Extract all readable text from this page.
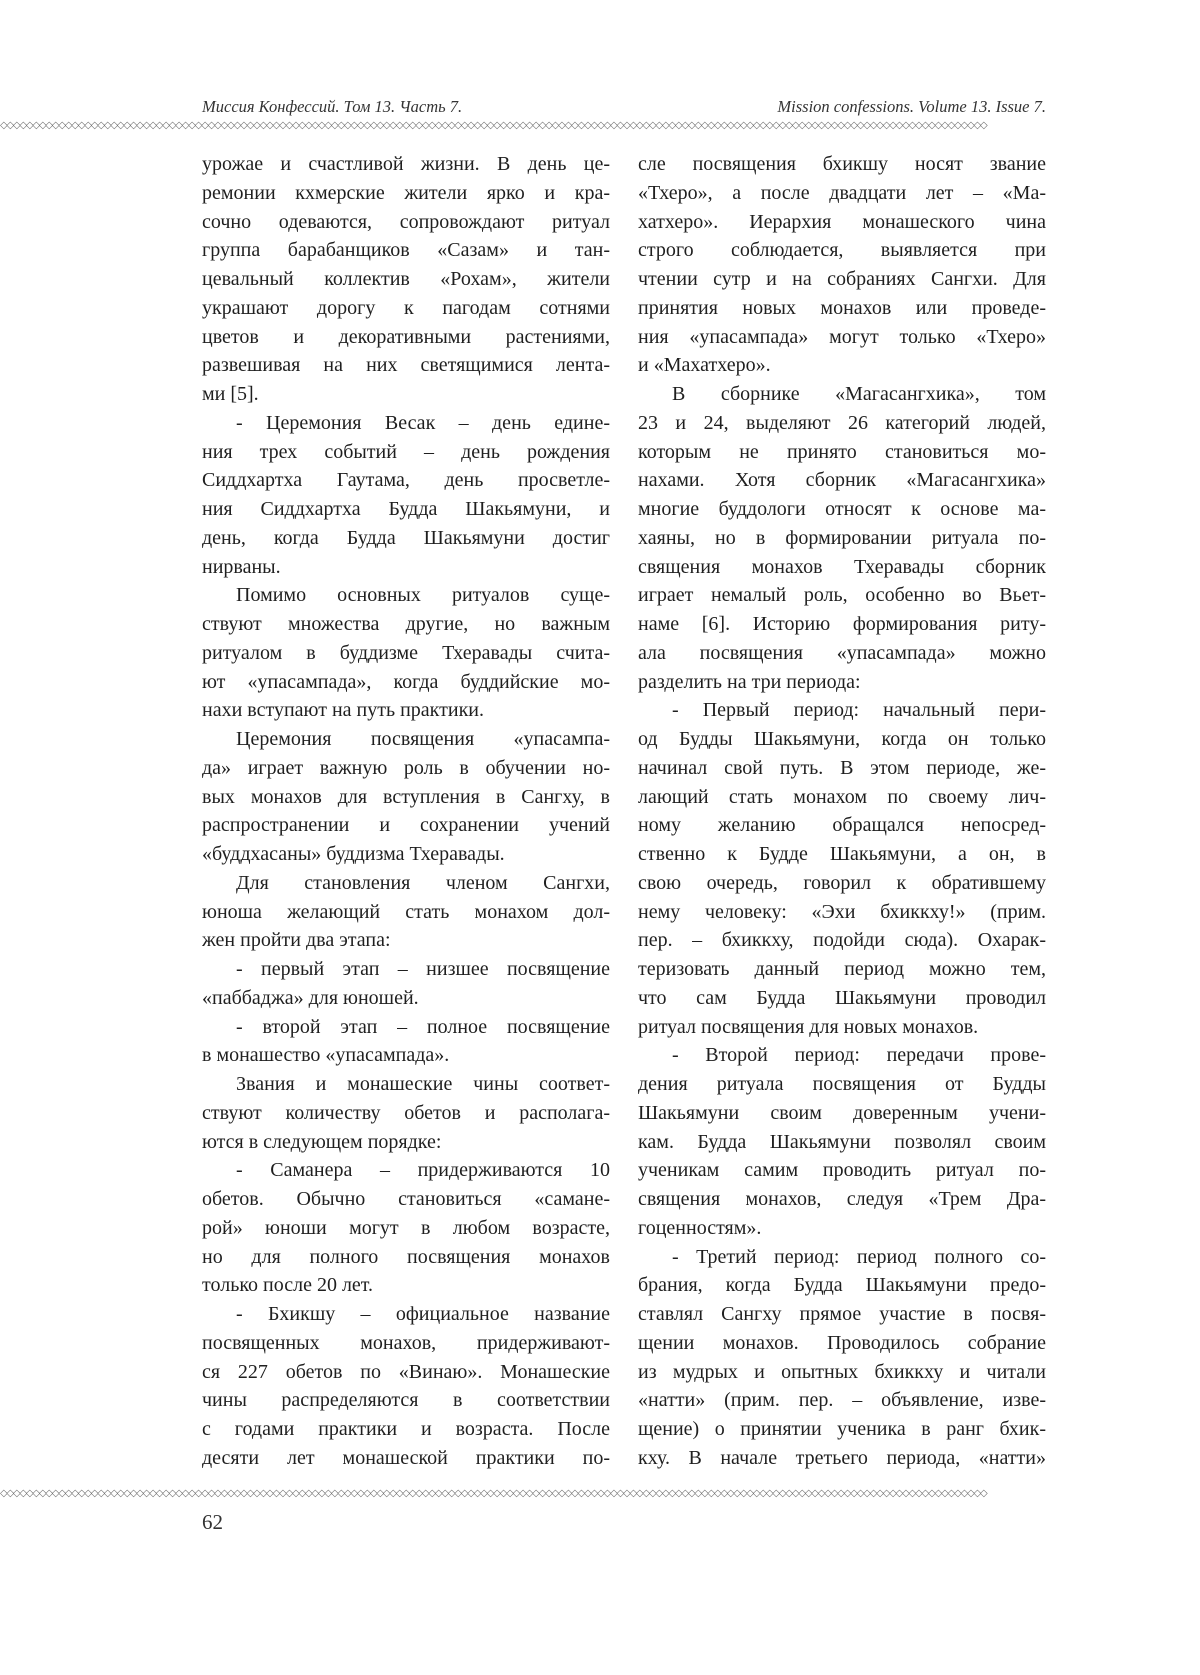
Миссия Конфессий. Том 13. Часть 7.	Mission confessions. Volume 13. Issue 7.
◇◇◇◇◇◇◇◇◇◇◇◇◇◇◇◇◇◇◇◇◇◇◇◇◇◇◇◇◇◇◇◇◇◇◇◇◇◇◇◇◇◇◇◇◇◇◇◇◇◇◇◇◇◇◇◇◇◇◇◇◇◇◇◇◇◇◇◇◇◇◇◇◇◇◇◇◇◇◇◇◇◇◇◇◇◇◇◇◇◇◇◇◇◇◇◇◇◇◇◇◇◇◇◇◇◇◇◇◇◇◇◇◇◇◇◇◇◇◇◇◇◇◇◇◇◇◇◇◇◇◇◇◇◇◇◇◇◇◇◇◇◇◇◇◇◇◇◇◇◇◇◇
урожае и счастливой жизни. В день це-
ремонии кхмерские жители ярко и кра-
сочно одеваются, сопровождают ритуал
группа барабанщиков «Сазам» и тан-
цевальный коллектив «Рохам», жители
украшают дорогу к пагодам сотнями
цветов и декоративными растениями,
развешивая на них светящимися лента-
ми [5].
- Церемония Весак – день единe-
ния трех событий – день рождения
Сиддхартха Гаутама, день просветле-
ния Сиддхартха Будда Шакьямуни, и
день, когда Будда Шакьямуни достиг
нирваны.
Помимо основных ритуалов суще-
ствуют множества другие, но важным
ритуалом в буддизме Тхеравады счита-
ют «упасампада», когда буддийские мо-
нахи вступают на путь практики.
Церемония посвящения «упасампа-
да» играет важную роль в обучении но-
вых монахов для вступления в Сангху, в
распространении и сохранении учений
«буддхасаны» буддизма Тхеравады.
Для становления членом Сангхи,
юноша желающий стать монахом дол-
жен пройти два этапа:
- первый этап – низшее посвящение
«паббаджа» для юношей.
- второй этап – полное посвящение
в монашество «упасампада».
Звания и монашеские чины соответ-
ствуют количеству обетов и располага-
ются в следующем порядке:
- Саманера – придерживаются 10
обетов. Обычно становиться «самане-
рой» юноши могут в любом возрасте,
но для полного посвящения монахов
только после 20 лет.
- Бхикшу – официальное название
посвященных монахов, придерживают-
ся 227 обетов по «Винаю». Монашеские
чины распределяются в соответствии
с годами практики и возраста. После
десяти лет монашеской практики по-
сле посвящения бхикшу носят звание
«Тхеро», а после двадцати лет – «Ма-
хатхеро». Иерархия монашеского чина
строго соблюдается, выявляется при
чтении сутр и на собраниях Сангхи. Для
принятия новых монахов или проведе-
ния «упасампада» могут только «Тхеро»
и «Махатхеро».
В сборнике «Магасангхика», том
23 и 24, выделяют 26 категорий людей,
которым не принято становиться мо-
нахами. Хотя сборник «Магасангхика»
многие буддологи относят к основе ма-
хаяны, но в формировании ритуала по-
священия монахов Тхеравады сборник
играет немалый роль, особенно во Вьет-
наме [6]. Историю формирования риту-
ала посвящения «упасампада» можно
разделить на три периода:
- Первый период: начальный пери-
од Будды Шакьямуни, когда он только
начинал свой путь. В этом периоде, же-
лающий стать монахом по своему лич-
ному желанию обращался непосред-
ственно к Будде Шакьямуни, а он, в
свою очередь, говорил к обратившему
нему человеку: «Эхи бхиккху!» (прим.
пер. – бхиккху, подойди сюда). Охарак-
теризовать данный период можно тем,
что сам Будда Шакьямуни проводил
ритуал посвящения для новых монахов.
- Второй период: передачи прове-
дения ритуала посвящения от Будды
Шакьямуни своим доверенным учени-
кам. Будда Шакьямуни позволял своим
ученикам самим проводить ритуал по-
священия монахов, следуя «Трем Дра-
гоценностям».
- Третий период: период полного со-
брания, когда Будда Шакьямуни предо-
ставлял Сангху прямое участие в посвя-
щении монахов. Проводилось собрание
из мудрых и опытных бхиккху и читали
«натти» (прим. пер. – объявление, изве-
щение) о принятии ученика в ранг бхик-
кху. В начале третьего периода, «натти»
◇◇◇◇◇◇◇◇◇◇◇◇◇◇◇◇◇◇◇◇◇◇◇◇◇◇◇◇◇◇◇◇◇◇◇◇◇◇◇◇◇◇◇◇◇◇◇◇◇◇◇◇◇◇◇◇◇◇◇◇◇◇◇◇◇◇◇◇◇◇◇◇◇◇◇◇◇◇◇◇◇◇◇◇◇◇◇◇◇◇◇◇◇◇◇◇◇◇◇◇◇◇◇◇◇◇◇◇◇◇◇◇◇◇◇◇◇◇◇◇◇◇◇◇◇◇◇◇◇◇◇◇◇◇◇◇◇◇◇◇◇◇◇◇◇◇◇◇◇◇◇◇
62
